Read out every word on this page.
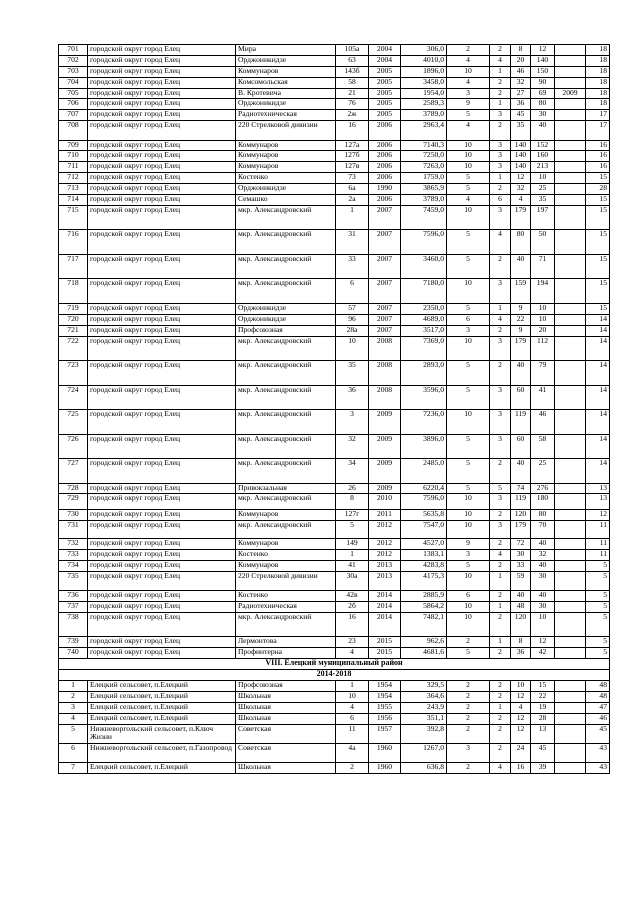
701	городской округ город Елец	Мира	105а	2004	306,0	2	2	8	12		18
702	городской округ город Елец	Орджоникидзе	63	2004	4010,0	4	4	20	140		18
703	городской округ город Елец	Коммунаров	143б	2005	1896,0	10	1	46	150		18
704	городской округ город Елец	Комсомольская	58	2005	3458,0	4	2	32	90		18
705	городской округ город Елец	В. Кротевича	21	2005	1954,0	3	2	27	69	2009	18
706	городской округ город Елец	Орджоникидзе	76	2005	2589,3	9	1	36	80		18
707	городской округ город Елец	Радиотехническая	2ж	2005	3789,0	5	3	45	30		17
708	городской округ город Елец	220 Стрелковой дивизии	16	2006	2963,4	4	2	35	40		17
709	городской округ город Елец	Коммунаров	127а	2006	7140,3	10	3	140	152		16
710	городской округ город Елец	Коммунаров	127б	2006	7250,0	10	3	140	160		16
711	городской округ город Елец	Коммунаров	127в	2006	7263,0	10	3	140	213		16
712	городской округ город Елец	Костенко	73	2006	1759,0	5	1	12	10		15
713	городской округ город Елец	Орджоникидзе	6а	1990	3865,9	5	2	32	25		28
714	городской округ город Елец	Семашко	2а	2006	3789,0	4	6	4	35		15
715	городской округ город Елец	мкр. Александровский	1	2007	7459,0	10	3	179	197		15
716	городской округ город Елец	мкр. Александровский	31	2007	7596,0	5	4	80	50		15
717	городской округ город Елец	мкр. Александровский	33	2007	3460,0	5	2	40	71		15
718	городской округ город Елец	мкр. Александровский	6	2007	7180,0	10	3	159	194		15
719	городской округ город Елец	Орджоникидзе	57	2007	2350,0	5	1	9	10		15
720	городской округ город Елец	Орджоникидзе	96	2007	4689,0	6	4	22	10		14
721	городской округ город Елец	Профсоюзная	28а	2007	3517,0	3	2	9	20		14
722	городской округ город Елец	мкр. Александровский	10	2008	7369,0	10	3	179	112		14
723	городской округ город Елец	мкр. Александровский	35	2008	2893,0	5	2	40	79		14
724	городской округ город Елец	мкр. Александровский	36	2008	3596,0	5	3	60	41		14
725	городской округ город Елец	мкр. Александровский	3	2009	7236,0	10	3	119	46		14
726	городской округ город Елец	мкр. Александровский	32	2009	3896,0	5	3	60	58		14
727	городской округ город Елец	мкр. Александровский	34	2009	2485,0	5	2	40	25		14
728	городской округ город Елец	Привокзальная	26	2009	6220,4	5	5	74	276		13
729	городской округ город Елец	мкр. Александровский	8	2010	7596,0	10	3	119	180		13
730	городской округ город Елец	Коммунаров	127г	2011	5635,8	10	2	120	80		12
731	городской округ город Елец	мкр. Александровский	5	2012	7547,0	10	3	179	70		11
732	городской округ город Елец	Коммунаров	149	2012	4527,0	9	2	72	40		11
733	городской округ город Елец	Костенко	1	2012	1383,1	3	4	30	32		11
734	городской округ город Елец	Коммунаров	41	2013	4283,8	5	2	33	40		5
735	городской округ город Елец	220 Стрелковой дивизии	30а	2013	4175,3	10	1	59	30		5
736	городской округ город Елец	Костенко	42в	2014	2885,9	6	2	40	40		5
737	городской округ город Елец	Радиотехническая	2б	2014	5864,2	10	1	48	30		5
738	городской округ город Елец	мкр. Александровский	16	2014	7482,1	10	2	120	10		5
739	городской округ город Елец	Лермонтова	23	2015	962,6	2	1	8	12		5
740	городской округ город Елец	Профинтерна	4	2015	4681,6	5	2	36	42		5
VIII. Елецкий муниципальный район											
2014-2018											
1	Елецкий сельсовет, п.Елецкий	Профсоюзная	1	1954	329,5	2	2	10	15		48
2	Елецкий сельсовет, п.Елецкий	Школьная	10	1954	364,6	2	2	12	22		48
3	Елецкий сельсовет, п.Елецкий	Школьная	4	1955	243,9	2	1	4	19		47
4	Елецкий сельсовет, п.Елецкий	Школьная	6	1956	351,1	2	2	12	28		46
5	Нижневоргольский сельсовет, п.Ключ Жизни	Советская	11	1957	392,8	2	2	12	13		45
6	Нижневоргольский сельсовет, п.Газопровод	Советская	4а	1960	1267,0	3	2	24	45		43
7	Елецкий сельсовет, п.Елецкий	Школьная	2	1960	636,8	2	4	16	39		43
